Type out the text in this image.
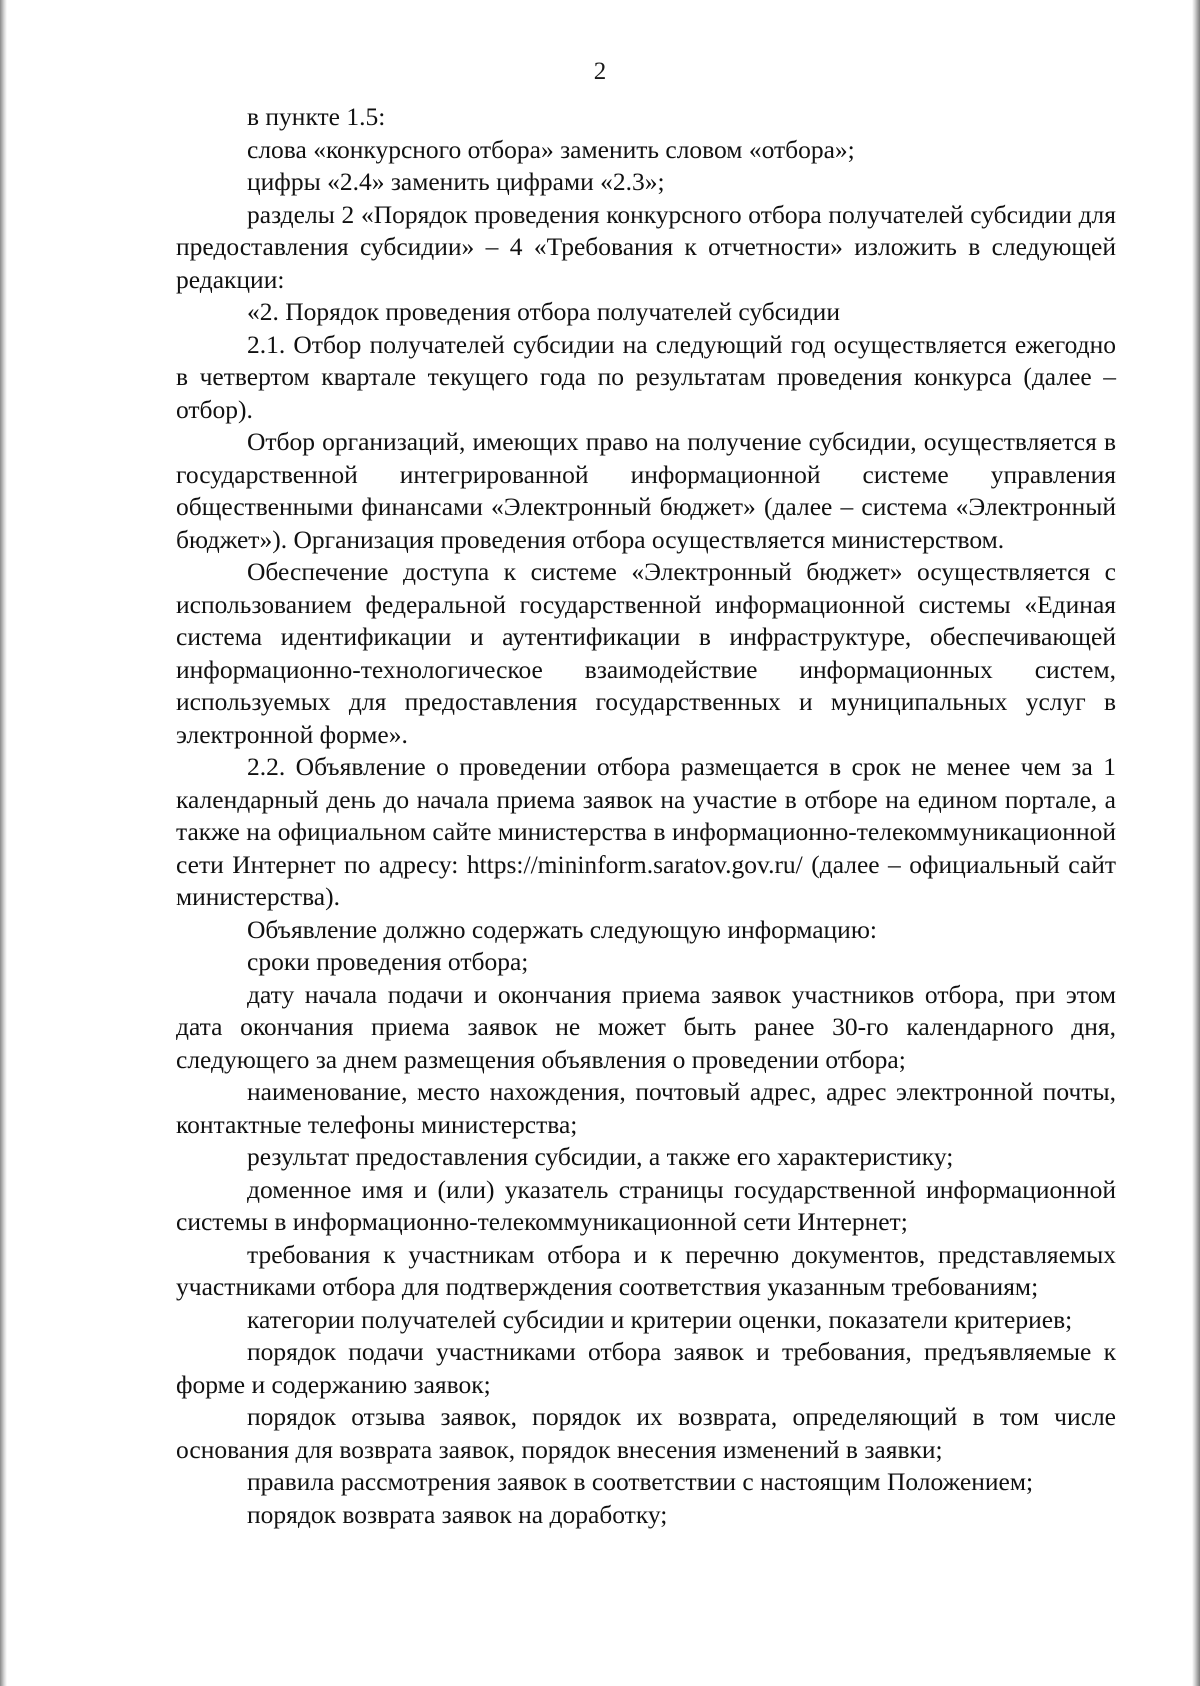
2

в пункте 1.5:

слова «конкурсного отбора» заменить словом «отбора»;

цифры «2.4» заменить цифрами «2.3»;

разделы 2 «Порядок проведения конкурсного отбора получателей субсидии для предоставления субсидии» – 4 «Требования к отчетности» изложить в следующей редакции:

«2. Порядок проведения отбора получателей субсидии

2.1. Отбор получателей субсидии на следующий год осуществляется ежегодно в четвертом квартале текущего года по результатам проведения конкурса (далее – отбор).

Отбор организаций, имеющих право на получение субсидии, осуществляется в государственной интегрированной информационной системе управления общественными финансами «Электронный бюджет» (далее – система «Электронный бюджет»). Организация проведения отбора осуществляется министерством.

Обеспечение доступа к системе «Электронный бюджет» осуществляется с использованием федеральной государственной информационной системы «Единая система идентификации и аутентификации в инфраструктуре, обеспечивающей информационно-технологическое взаимодействие информационных систем, используемых для предоставления государственных и муниципальных услуг в электронной форме».

2.2. Объявление о проведении отбора размещается в срок не менее чем за 1 календарный день до начала приема заявок на участие в отборе на едином портале, а также на официальном сайте министерства в информационно-телекоммуникационной сети Интернет по адресу: https://mininform.saratov.gov.ru/ (далее – официальный сайт министерства).

Объявление должно содержать следующую информацию:

сроки проведения отбора;

дату начала подачи и окончания приема заявок участников отбора, при этом дата окончания приема заявок не может быть ранее 30-го календарного дня, следующего за днем размещения объявления о проведении отбора;

наименование, место нахождения, почтовый адрес, адрес электронной почты, контактные телефоны министерства;

результат предоставления субсидии, а также его характеристику;

доменное имя и (или) указатель страницы государственной информационной системы в информационно-телекоммуникационной сети Интернет;

требования к участникам отбора и к перечню документов, представляемых участниками отбора для подтверждения соответствия указанным требованиям;

категории получателей субсидии и критерии оценки, показатели критериев;

порядок подачи участниками отбора заявок и требования, предъявляемые к форме и содержанию заявок;

порядок отзыва заявок, порядок их возврата, определяющий в том числе основания для возврата заявок, порядок внесения изменений в заявки;

правила рассмотрения заявок в соответствии с настоящим Положением;

порядок возврата заявок на доработку;
